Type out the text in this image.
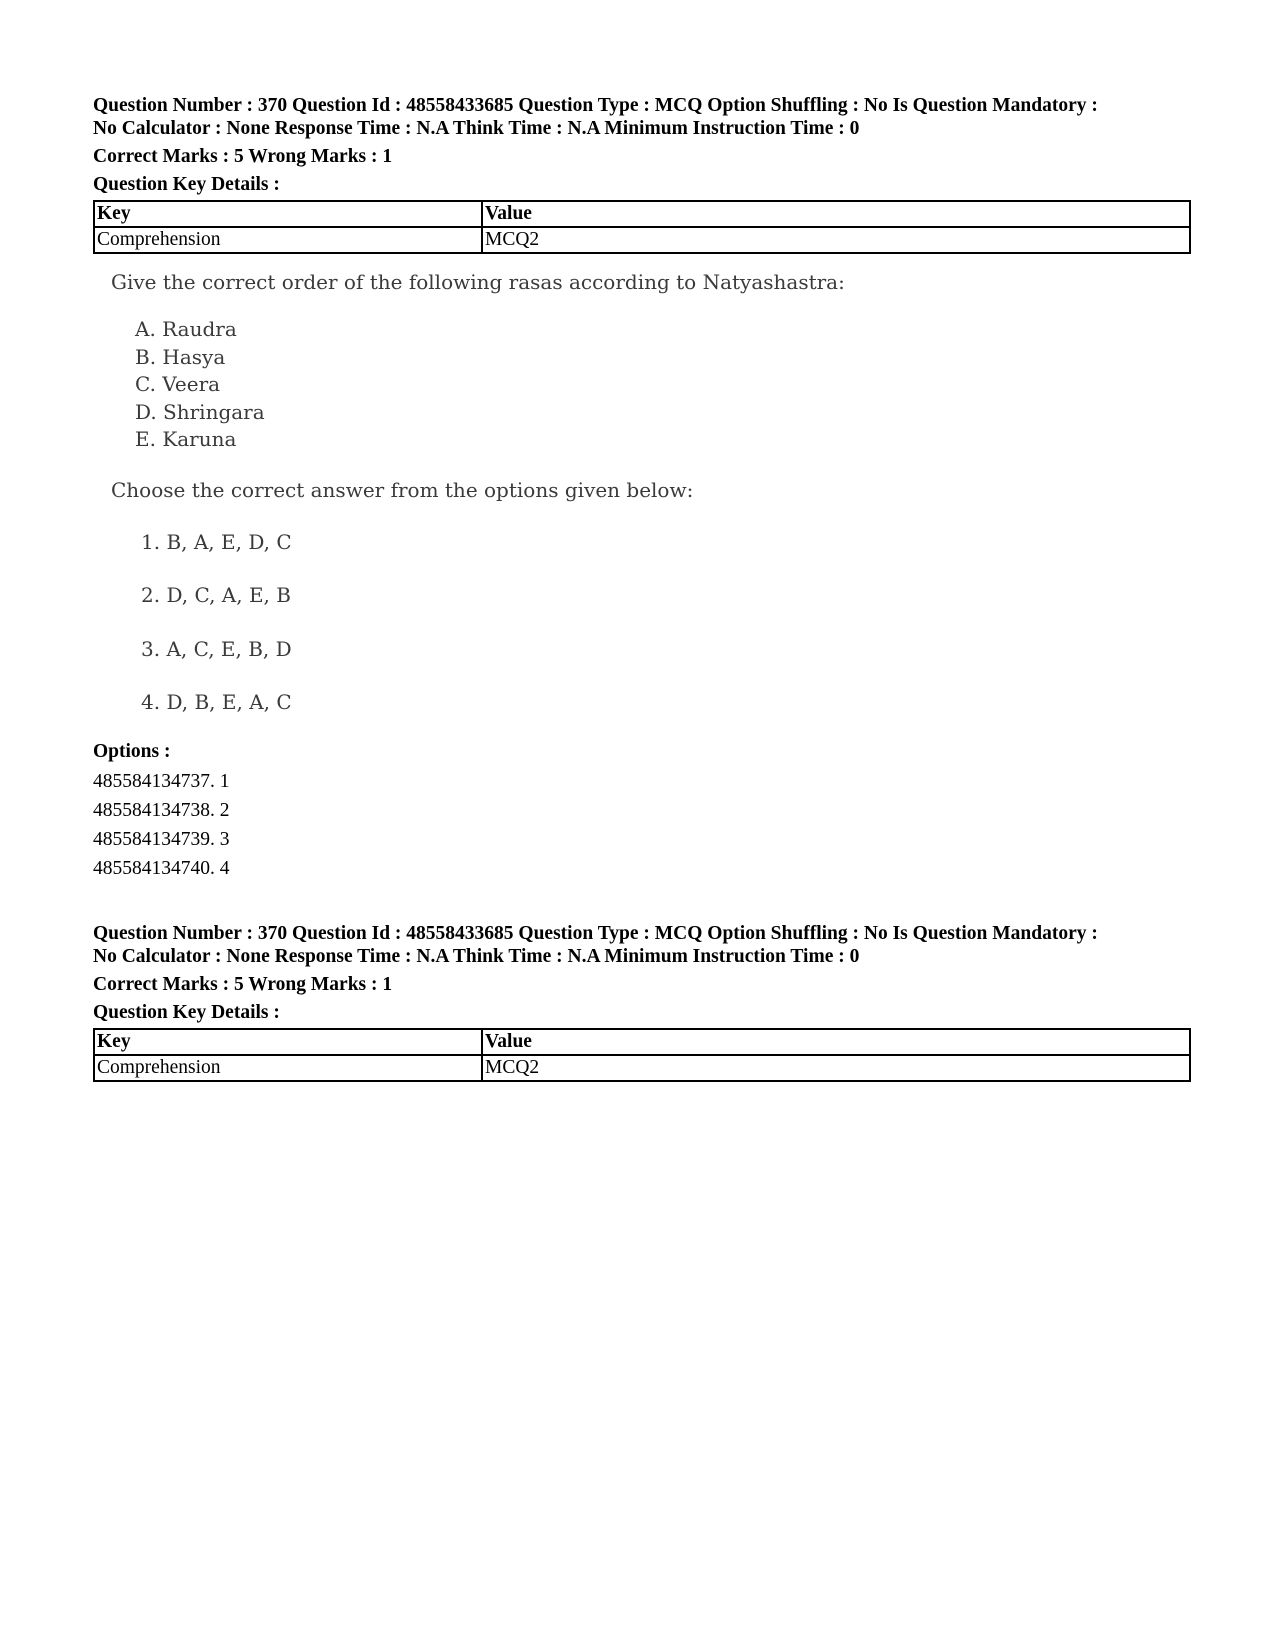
Question Number : 370 Question Id : 48558433685 Question Type : MCQ Option Shuffling : No Is Question Mandatory :

No Calculator : None Response Time : N.A Think Time : N.A Minimum Instruction Time : 0

Correct Marks : 5 Wrong Marks : 1
Question Key Details :
Key	Value
Comprehension	MCQ2

Give the correct order of the following rasas according to Natyashastra:

A. Raudra
B. Hasya
C. Veera
D. Shringara
E. Karuna
Choose the correct answer from the options given below:
1. B, A, E, D, C
2. D, C, A, E, B
3. A, C, E, B, D
4. D, B, E, A, C
Options :
485584134737. 1
485584134738. 2
485584134739. 3
485584134740. 4

Question Number : 370 Question Id : 48558433685 Question Type : MCQ Option Shuffling : No Is Question Mandatory :

No Calculator : None Response Time : N.A Think Time : N.A Minimum Instruction Time : 0

Correct Marks : 5 Wrong Marks : 1
Question Key Details :
Key	Value
Comprehension	MCQ2
